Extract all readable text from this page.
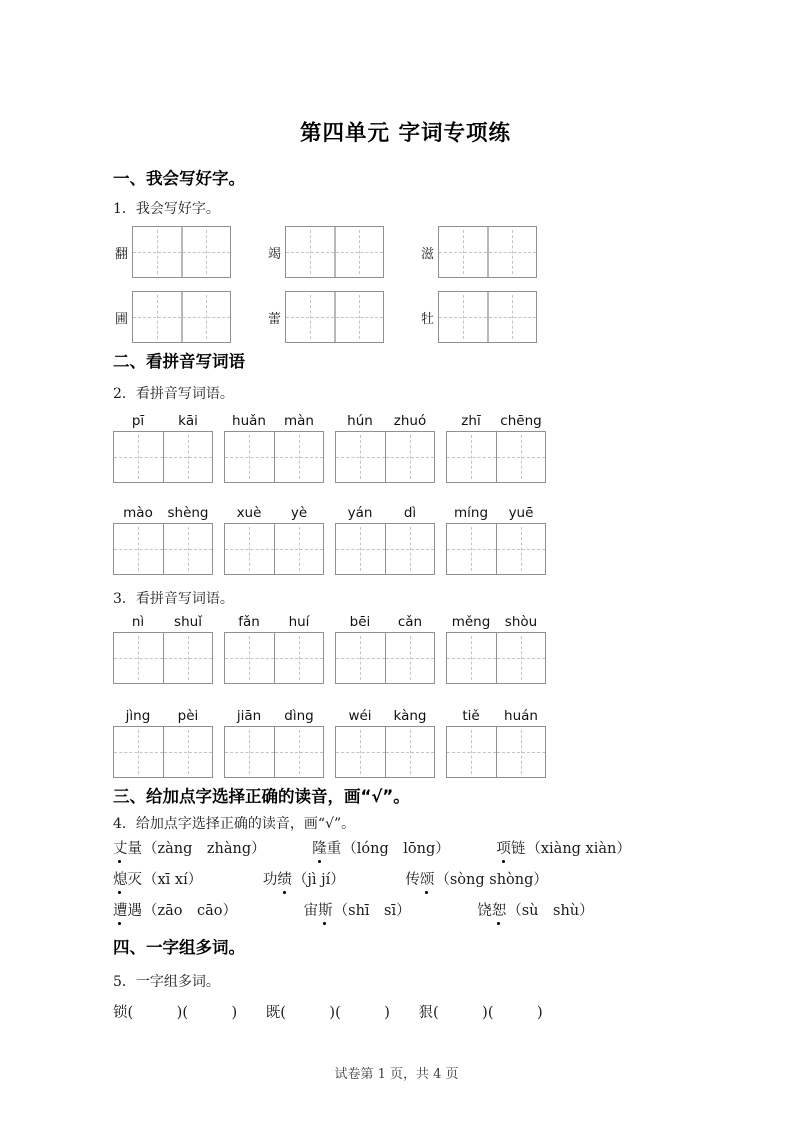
第四单元 字词专项练
一、我会写好字。
1．我会写好字。
翻	竭	滋
圃	蕾	牡
二、看拼音写词语
2．看拼音写词语。
pī	kāi	huǎn	màn	hún	zhuó	zhī	chēng
mào	shèng	xuè	yè	yán	dì	míng	yuē
3．看拼音写词语。
nì	shuǐ	fǎn	huí	bēi	cǎn	měng	shòu
jìng	pèi	jiān	dìng	wéi	kàng	tiě	huán
三、给加点字选择正确的读音，画“√”。
4．给加点字选择正确的读音，画“√”。
丈量（zàng　zhàng）	隆重（lóng　lōng）	项链（xiàng xiàn）
熄灭（xī xí）	功绩（jì jí）	传颂（sòng shòng）
遭遇（zāo　cāo）	宙斯（shī　sī）	饶恕（sù　shù）
四、一字组多词。
5．一字组多词。
锁(　　　)(　　　) 既(　　　)(　　　) 狠(　　　)(　　　)
试卷第 1 页，共 4 页
